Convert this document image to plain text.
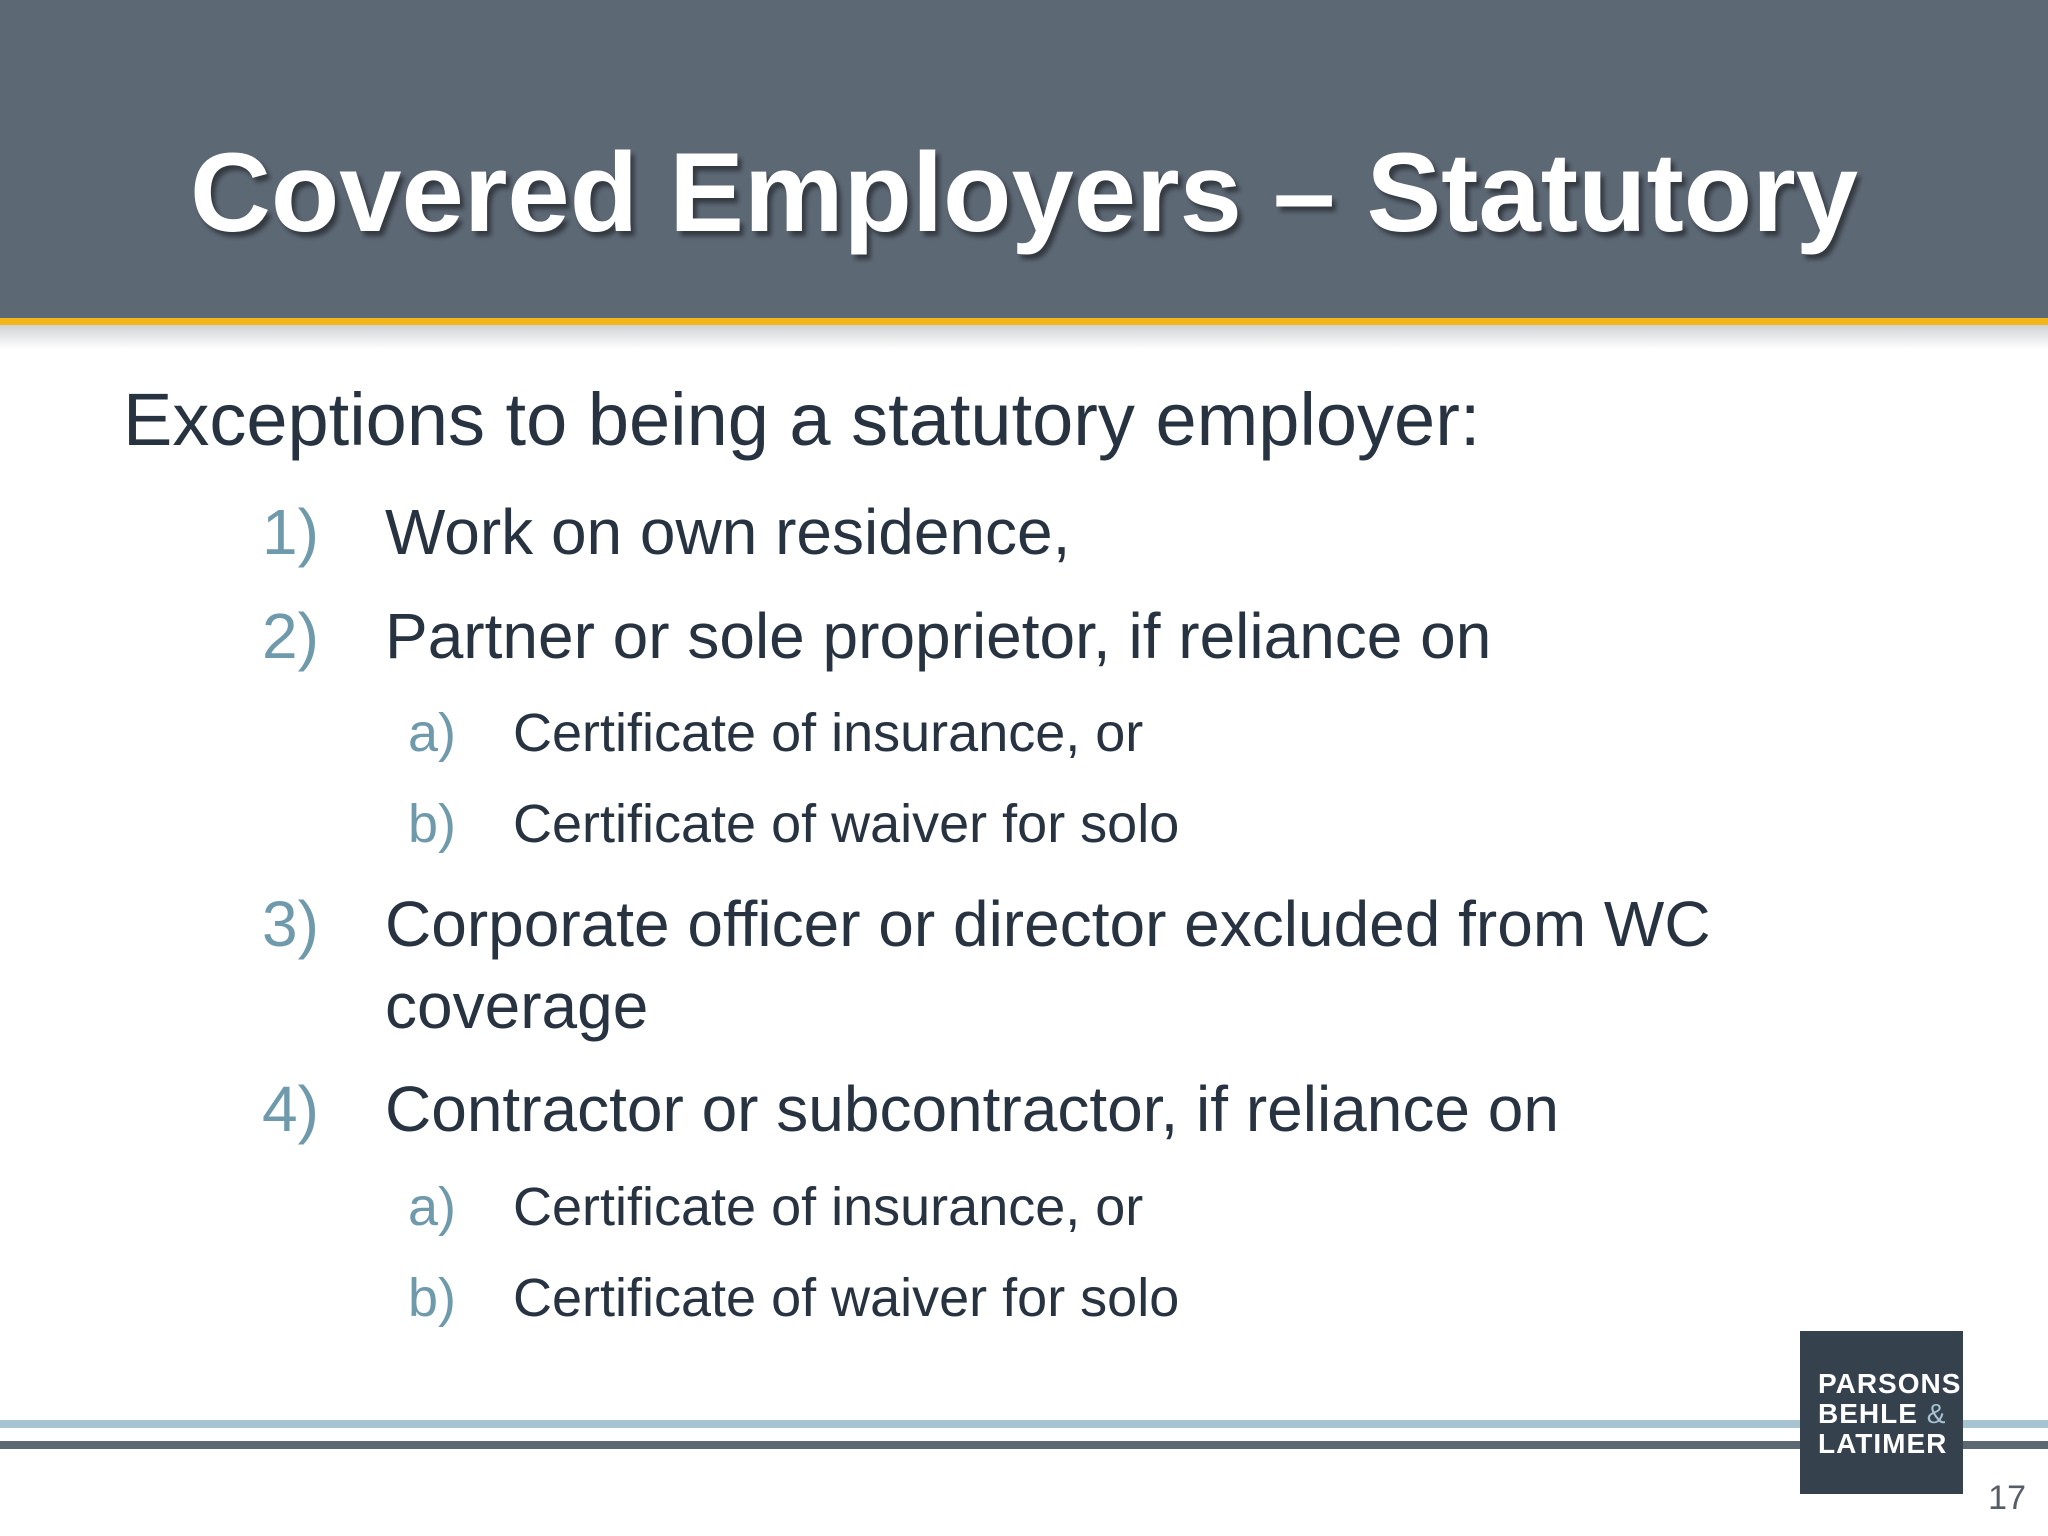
Covered Employers – Statutory
Exceptions to being a statutory employer:
1) Work on own residence,
2) Partner or sole proprietor, if reliance on
a) Certificate of insurance, or
b) Certificate of waiver for solo
3) Corporate officer or director excluded from WC
coverage
4) Contractor or subcontractor, if reliance on
a) Certificate of insurance, or
b) Certificate of waiver for solo
PARSONS
BEHLE &
LATIMER
17
